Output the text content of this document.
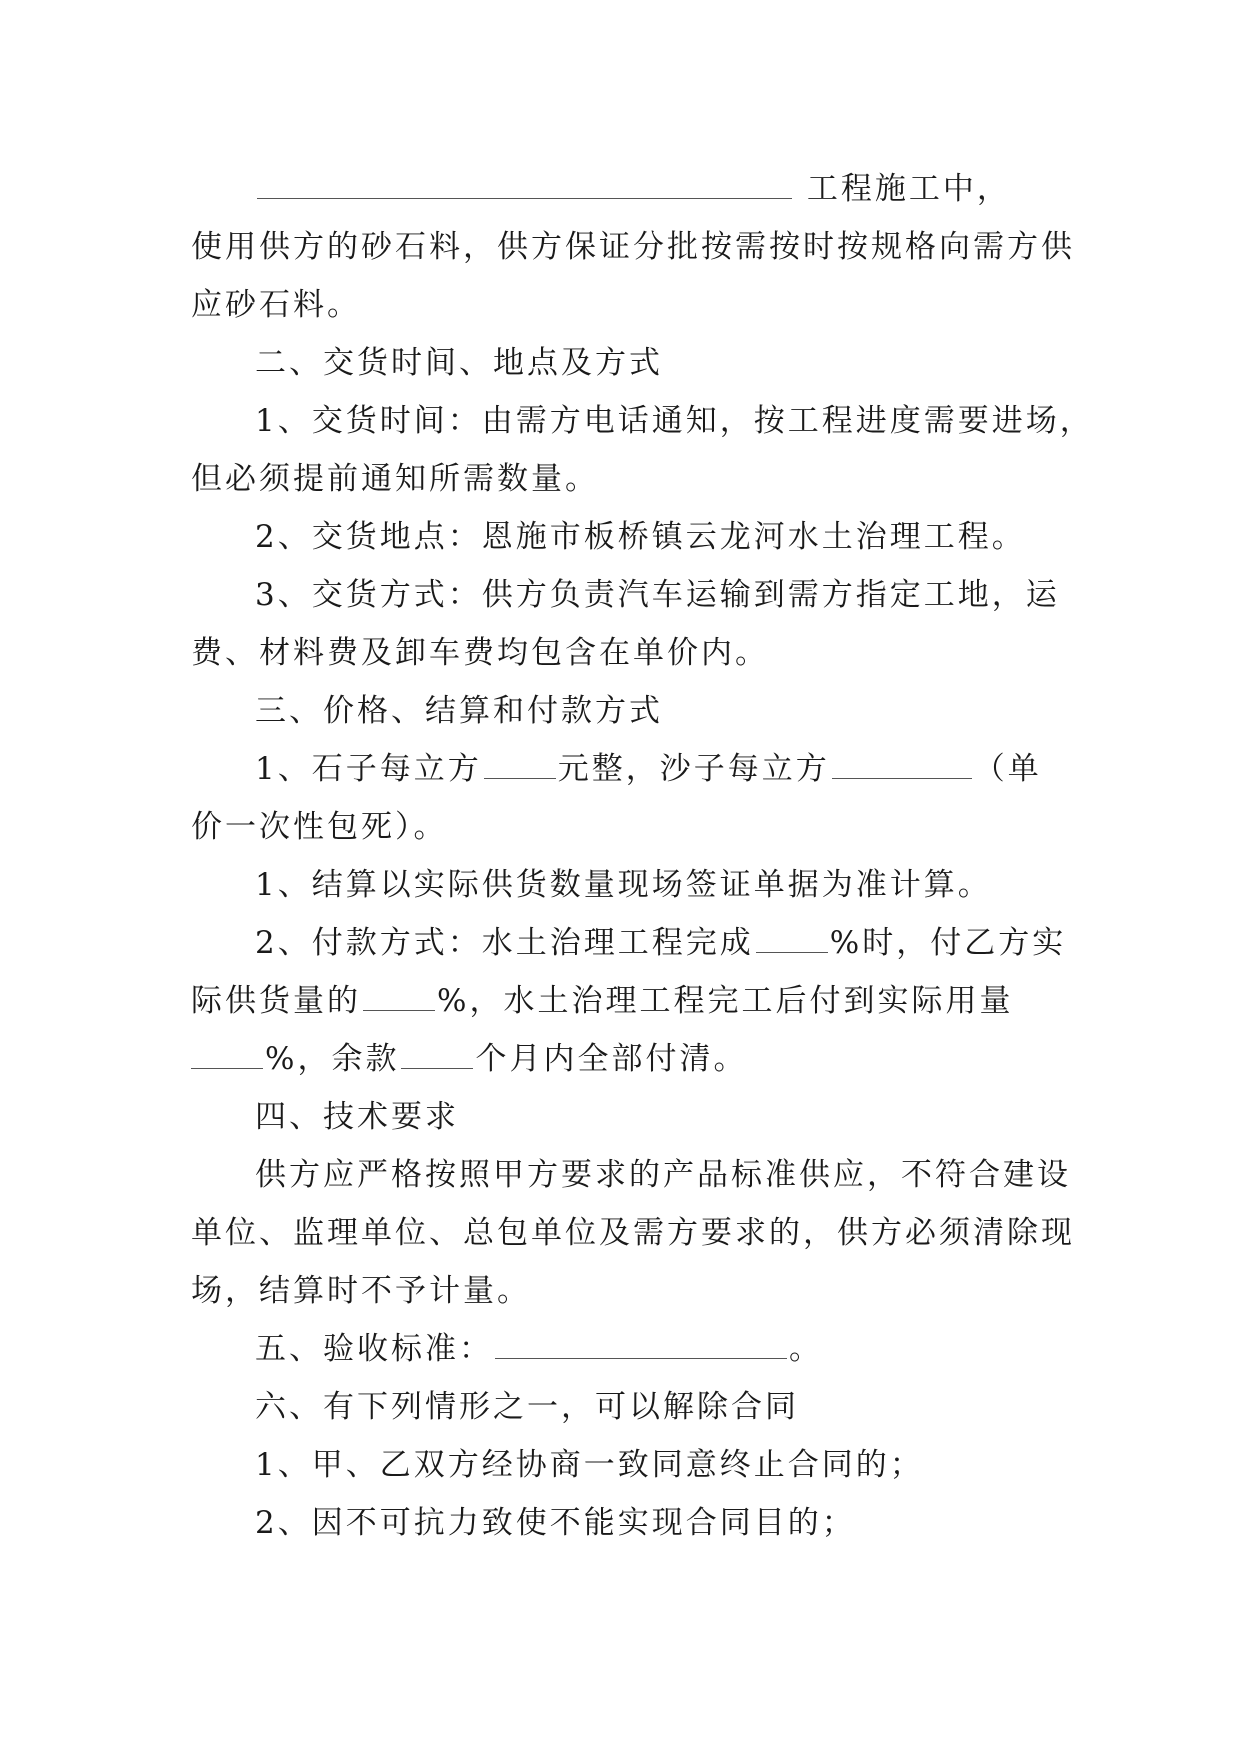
工程施工中，
使用供方的砂石料，供方保证分批按需按时按规格向需方供
应砂石料。
二、交货时间、地点及方式
1、交货时间：由需方电话通知，按工程进度需要进场，
但必须提前通知所需数量。
2、交货地点：恩施市板桥镇云龙河水土治理工程。
3、交货方式：供方负责汽车运输到需方指定工地，运
费、材料费及卸车费均包含在单价内。
三、价格、结算和付款方式
1、石子每立方 元整，沙子每立方	（单
价一次性包死）。
1、结算以实际供货数量现场签证单据为准计算。
2、付款方式：水土治理工程完成 %时，付乙方实
际供货量的 %，水土治理工程完工后付到实际用量
%，余款 个月内全部付清。
四、技术要求
供方应严格按照甲方要求的产品标准供应，不符合建设
单位、监理单位、总包单位及需方要求的，供方必须清除现
场，结算时不予计量。
五、验收标准：	。
六、有下列情形之一，可以解除合同
1、甲、乙双方经协商一致同意终止合同的；
2、因不可抗力致使不能实现合同目的；
